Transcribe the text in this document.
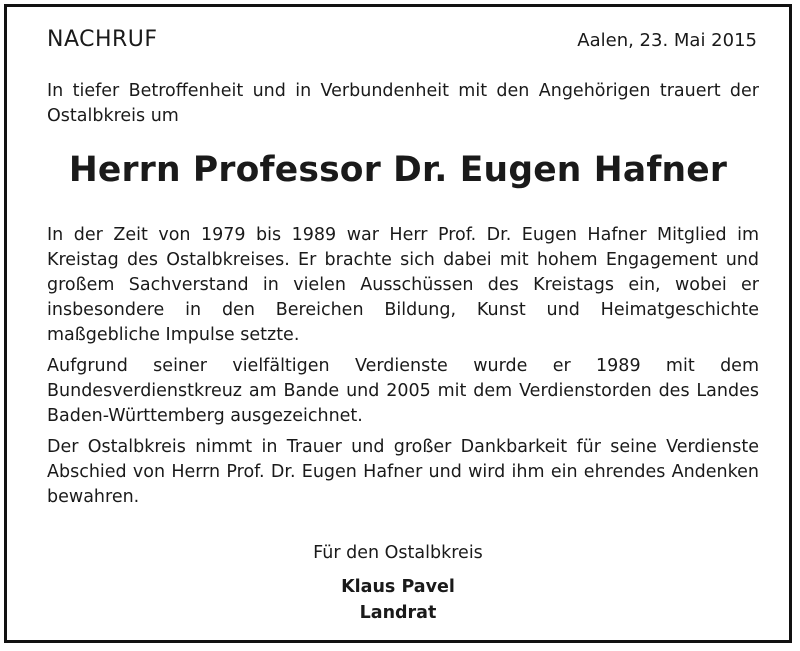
NACHRUF	Aalen, 23. Mai 2015
In tiefer Betroffenheit und in Verbundenheit mit den Angehörigen trauert der Ostalbkreis um
Herrn Professor Dr. Eugen Hafner

In der Zeit von 1979 bis 1989 war Herr Prof. Dr. Eugen Hafner Mitglied im Kreistag des Ostalbkreises. Er brachte sich dabei mit hohem Engagement und großem Sachverstand in vielen Ausschüssen des Kreistags ein, wobei er insbesondere in den Bereichen Bildung, Kunst und Heimatgeschichte maßgebliche Impulse setzte.

Aufgrund seiner vielfältigen Verdienste wurde er 1989 mit dem Bundesverdienstkreuz am Bande und 2005 mit dem Verdienstorden des Landes Baden-Württemberg ausgezeichnet.

Der Ostalbkreis nimmt in Trauer und großer Dankbarkeit für seine Verdienste Abschied von Herrn Prof. Dr. Eugen Hafner und wird ihm ein ehrendes Andenken bewahren.

Für den Ostalbkreis
Klaus Pavel
Landrat
